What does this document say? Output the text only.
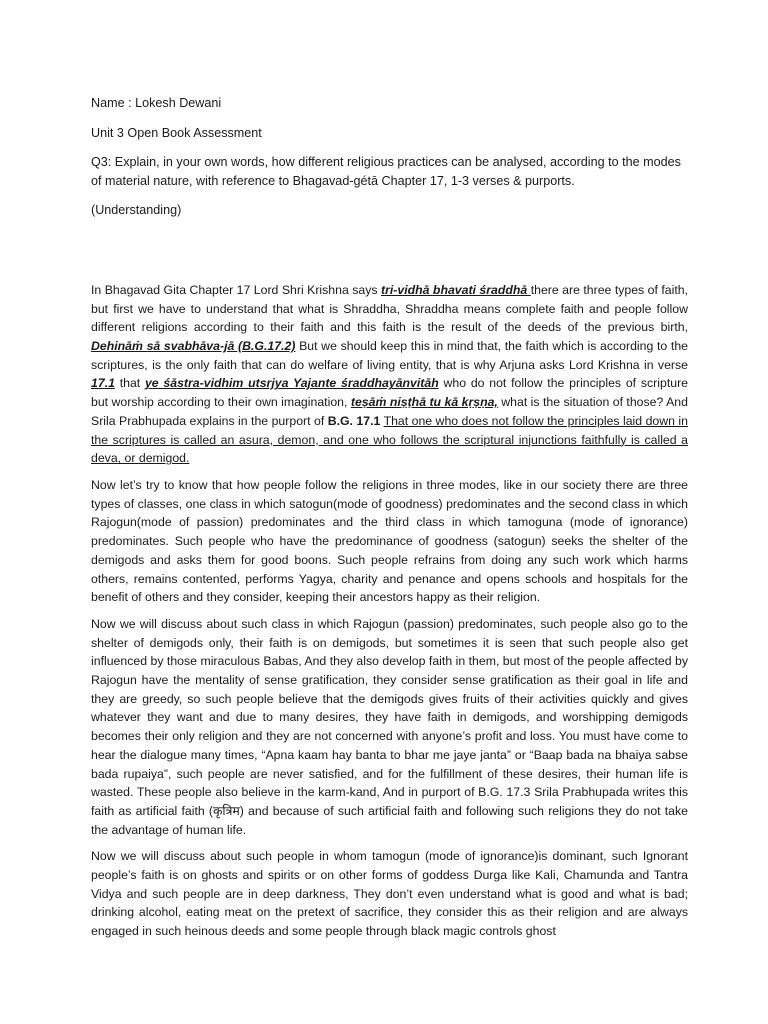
Name : Lokesh Dewani

Unit 3 Open Book Assessment

Q3: Explain, in your own words, how different religious practices can be analysed, according to the modes of material nature, with reference to Bhagavad-gétā Chapter 17, 1-3 verses & purports.

(Understanding)

In Bhagavad Gita Chapter 17 Lord Shri Krishna says tri-vidhā bhavati śraddhā there are three types of faith, but first we have to understand that what is Shraddha, Shraddha means complete faith and people follow different religions according to their faith and this faith is the result of the deeds of the previous birth, Dehināṁ sā svabhāva-jā (B.G.17.2) But we should keep this in mind that, the faith which is according to the scriptures, is the only faith that can do welfare of living entity, that is why Arjuna asks Lord Krishna in verse 17.1 that ye śāstra-vidhim utsṛjya Yajante śraddhayānvitāḥ who do not follow the principles of scripture but worship according to their own imagination, teṣāṁ niṣṭhā tu kā kṛṣṇa, what is the situation of those? And Srila Prabhupada explains in the purport of B.G. 17.1 That one who does not follow the principles laid down in the scriptures is called an asura, demon, and one who follows the scriptural injunctions faithfully is called a deva, or demigod.

Now let’s try to know that how people follow the religions in three modes, like in our society there are three types of classes, one class in which satogun(mode of goodness) predominates and the second class in which Rajogun(mode of passion) predominates and the third class in which tamoguna (mode of ignorance) predominates. Such people who have the predominance of goodness (satogun) seeks the shelter of the demigods and asks them for good boons. Such people refrains from doing any such work which harms others, remains contented, performs Yagya, charity and penance and opens schools and hospitals for the benefit of others and they consider, keeping their ancestors happy as their religion.

Now we will discuss about such class in which Rajogun (passion) predominates, such people also go to the shelter of demigods only, their faith is on demigods, but sometimes it is seen that such people also get influenced by those miraculous Babas, And they also develop faith in them, but most of the people affected by Rajogun have the mentality of sense gratification, they consider sense gratification as their goal in life and they are greedy, so such people believe that the demigods gives fruits of their activities quickly and gives whatever they want and due to many desires, they have faith in demigods, and worshipping demigods becomes their only religion and they are not concerned with anyone’s profit and loss. You must have come to hear the dialogue many times, “Apna kaam hay banta to bhar me jaye janta” or “Baap bada na bhaiya sabse bada rupaiya”, such people are never satisfied, and for the fulfillment of these desires, their human life is wasted. These people also believe in the karm-kand, And in purport of B.G. 17.3 Srila Prabhupada writes this faith as artificial faith (कृत्रिम) and because of such artificial faith and following such religions they do not take the advantage of human life.

Now we will discuss about such people in whom tamogun (mode of ignorance)is dominant, such Ignorant people’s faith is on ghosts and spirits or on other forms of goddess Durga like Kali, Chamunda and Tantra Vidya and such people are in deep darkness, They don’t even understand what is good and what is bad; drinking alcohol, eating meat on the pretext of sacrifice, they consider this as their religion and are always engaged in such heinous deeds and some people through black magic controls ghost
